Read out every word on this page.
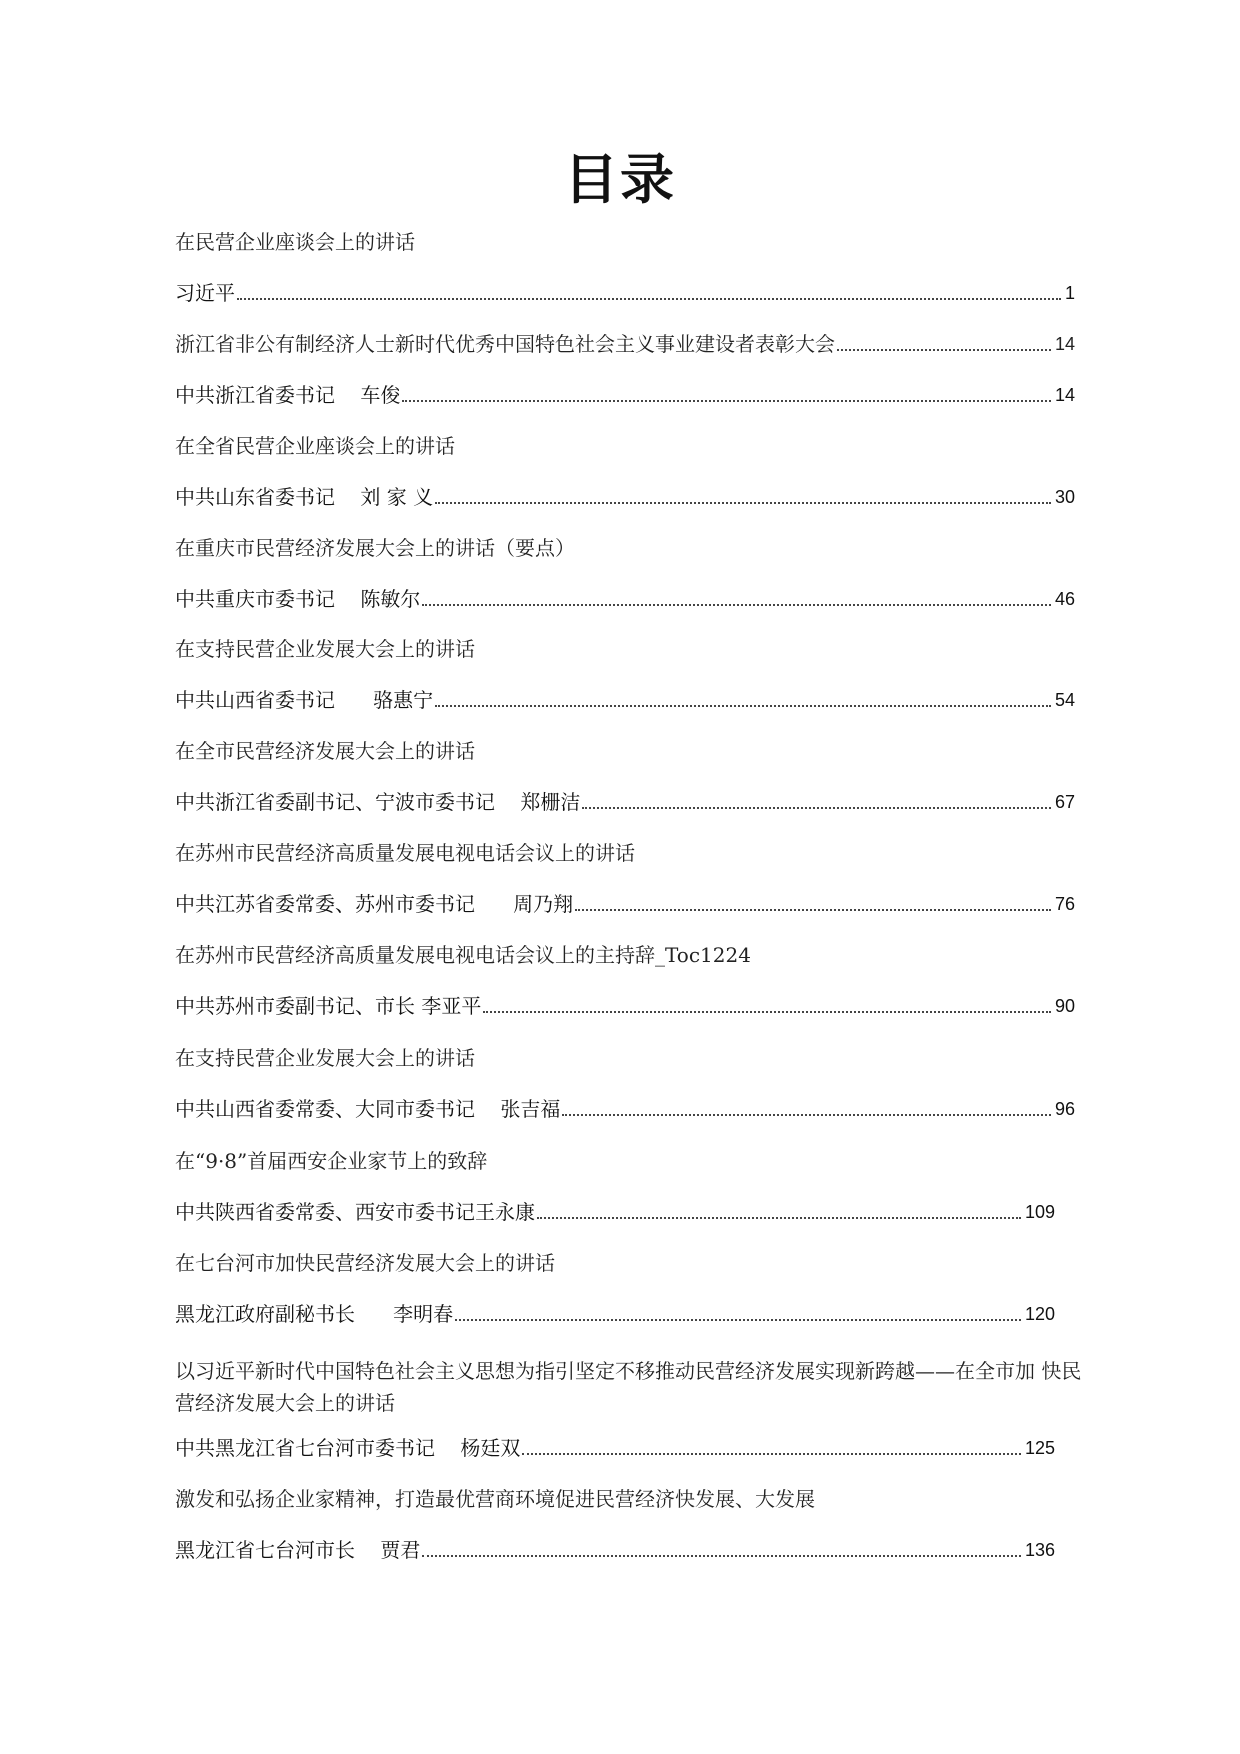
目录
在民营企业座谈会上的讲话
习近平	1
浙江省非公有制经济人士新时代优秀中国特色社会主义事业建设者表彰大会	14
中共浙江省委书记    车俊	14
在全省民营企业座谈会上的讲话
中共山东省委书记    刘 家 义	30
在重庆市民营经济发展大会上的讲话（要点）
中共重庆市委书记    陈敏尔	46
在支持民营企业发展大会上的讲话
中共山西省委书记      骆惠宁	54
在全市民营经济发展大会上的讲话
中共浙江省委副书记、宁波市委书记    郑栅洁	67
在苏州市民营经济高质量发展电视电话会议上的讲话
中共江苏省委常委、苏州市委书记      周乃翔	76
在苏州市民营经济高质量发展电视电话会议上的主持辞_Toc1224
中共苏州市委副书记、市长 李亚平	90
在支持民营企业发展大会上的讲话
中共山西省委常委、大同市委书记    张吉福	96
在“9·8”首届西安企业家节上的致辞
中共陕西省委常委、西安市委书记王永康	109
在七台河市加快民营经济发展大会上的讲话
黑龙江政府副秘书长      李明春	120
以习近平新时代中国特色社会主义思想为指引坚定不移推动民营经济发展实现新跨越——在全市加 快民营经济发展大会上的讲话
中共黑龙江省七台河市委书记    杨廷双	125
激发和弘扬企业家精神，打造最优营商环境促进民营经济快发展、大发展
黑龙江省七台河市长    贾君	136
